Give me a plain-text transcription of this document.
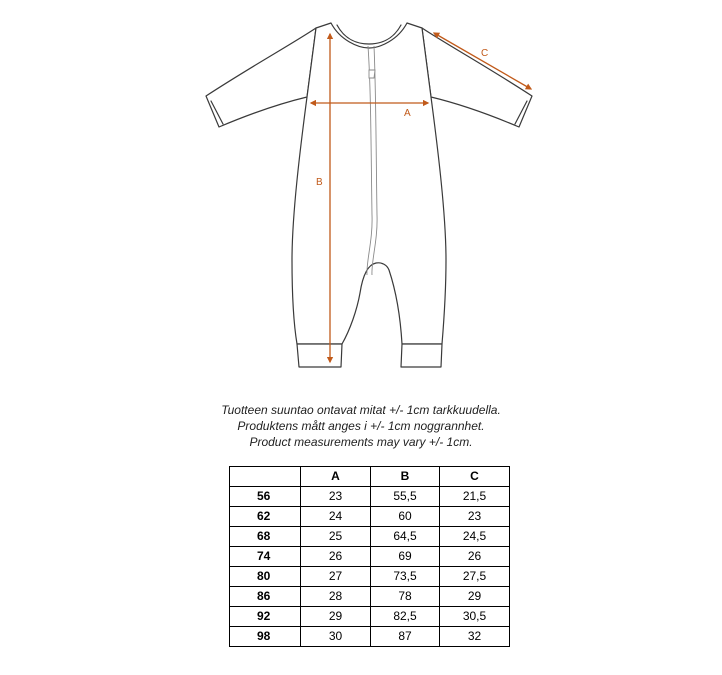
A
B
C
Tuotteen suuntao ontavat mitat +/- 1cm tarkkuudella.
Produktens mått anges i +/- 1cm noggrannhet.
Product measurements may vary +/- 1cm.
	A	B	C
56	23	55,5	21,5
62	24	60	23
68	25	64,5	24,5
74	26	69	26
80	27	73,5	27,5
86	28	78	29
92	29	82,5	30,5
98	30	87	32
